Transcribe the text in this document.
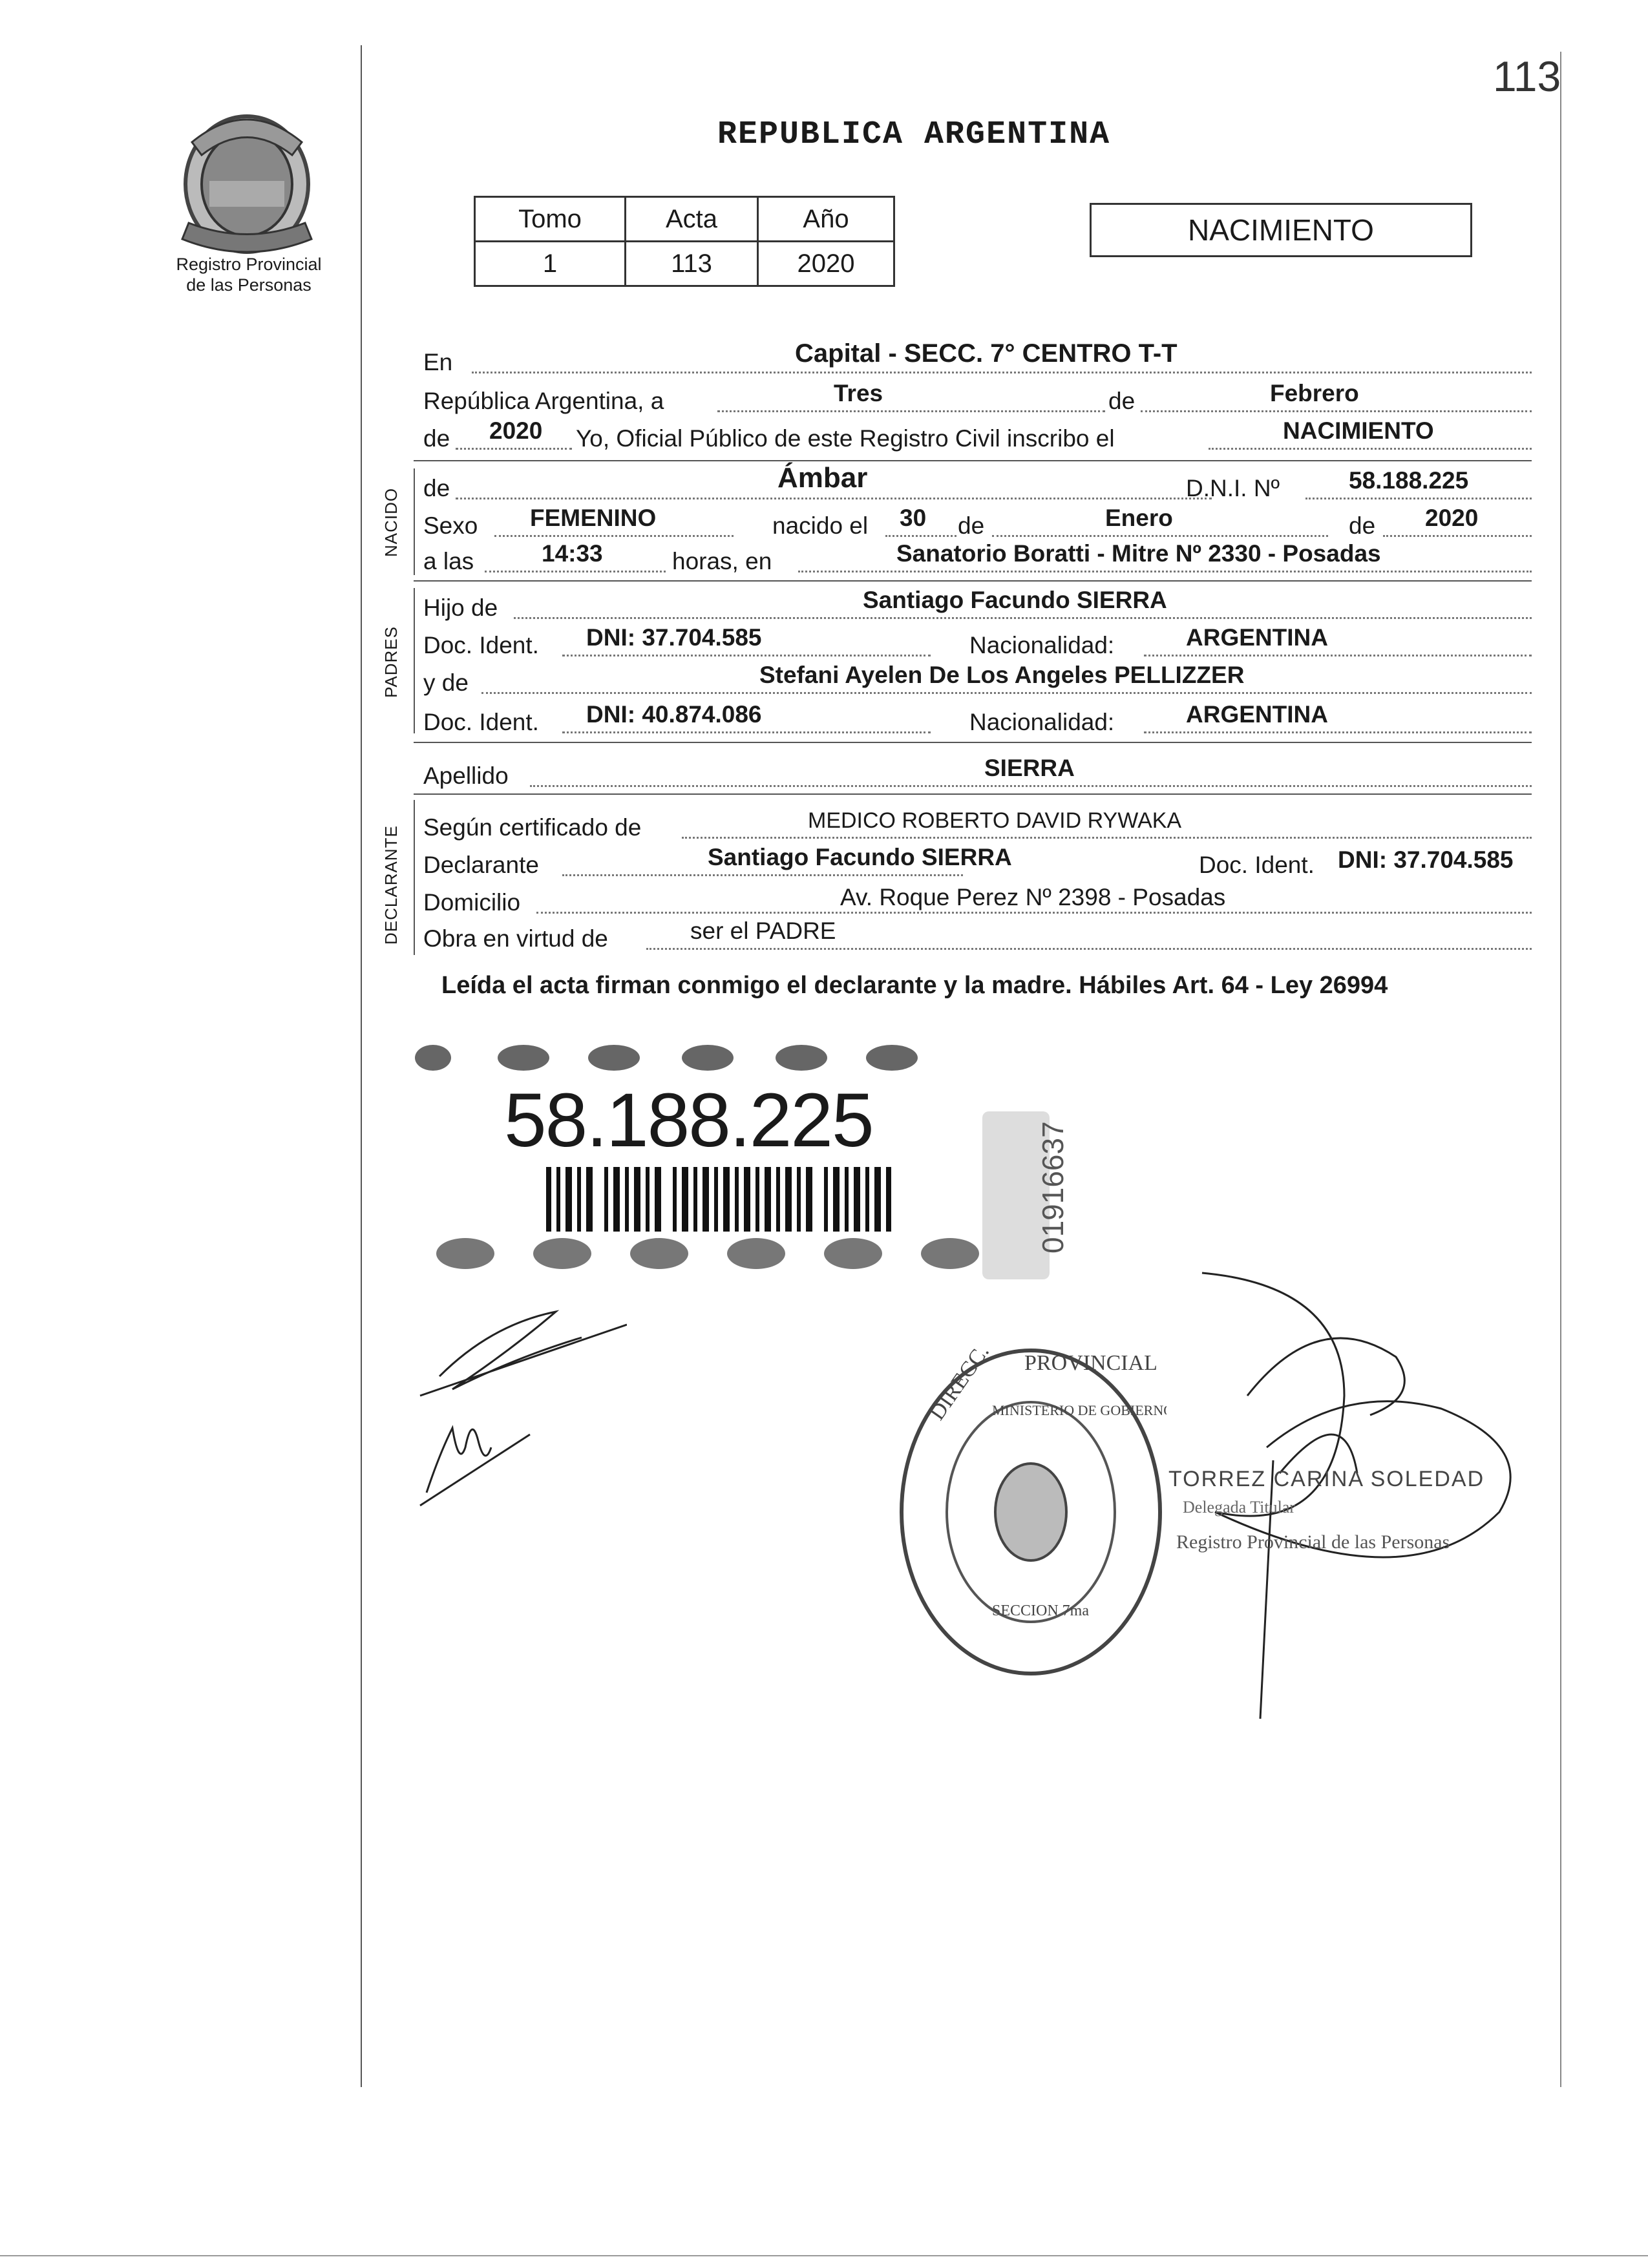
113
Registro Provincial
de las Personas
REPUBLICA ARGENTINA
Tomo	Acta	Año
1	113	2020
NACIMIENTO
NACIDO
PADRES
DECLARANTE
En	Capital - SECC. 7° CENTRO T-T
República Argentina, a	Tres	de	Febrero
de 2020 Yo, Oficial Público de este Registro Civil inscribo el	NACIMIENTO
de	Ámbar	D.N.I. Nº	58.188.225
Sexo FEMENINO	nacido el 30 de	Enero	de 2020
a las	14:33	horas, en	Sanatorio Boratti - Mitre Nº 2330 - Posadas
Hijo de	Santiago Facundo SIERRA
Doc. Ident. DNI: 37.704.585	Nacionalidad:	ARGENTINA
y de	Stefani Ayelen De Los Angeles PELLIZZER
Doc. Ident. DNI: 40.874.086	Nacionalidad:	ARGENTINA
Apellido	SIERRA
Según certificado de	MEDICO ROBERTO DAVID RYWAKA
Declarante	Santiago Facundo SIERRA	Doc. Ident. DNI: 37.704.585
Domicilio	Av. Roque Perez Nº 2398 - Posadas
Obra en virtud de	ser el PADRE
Leída el acta firman conmigo el declarante y la madre. Hábiles Art. 64 - Ley 26994
58.188.225
01916637
DIRECC. GRAL.
PROVINCIAL
MINISTERIO DE GOBIERNO
SECCION 7ma
TORREZ CARINA SOLEDAD
Delegada Titular
Registro Provincial de las Personas
